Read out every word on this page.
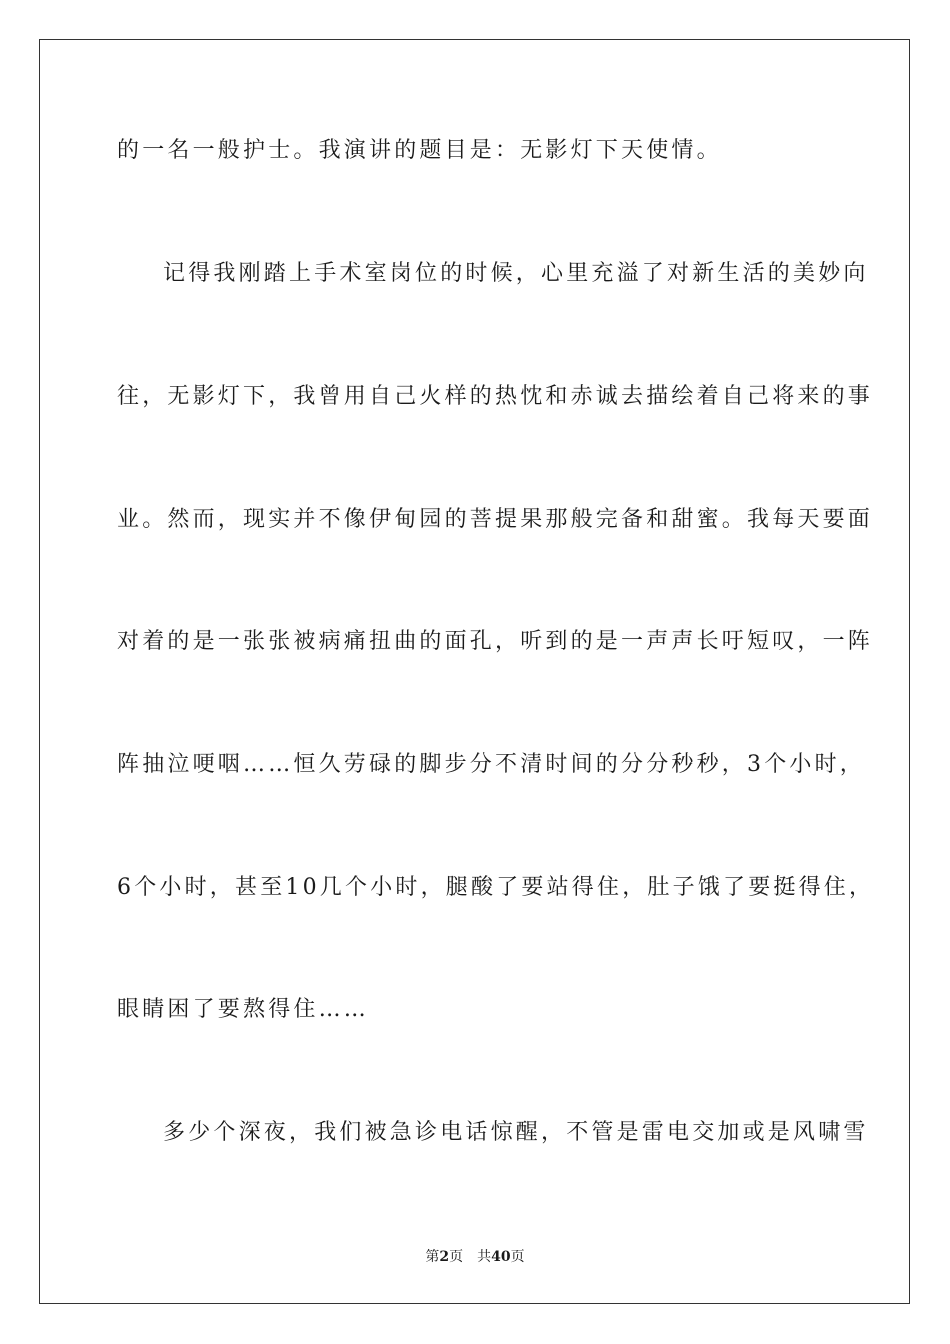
的一名一般护士。我演讲的题目是：无影灯下天使情。
记得我刚踏上手术室岗位的时候，心里充溢了对新生活的美妙向
往，无影灯下，我曾用自己火样的热忱和赤诚去描绘着自己将来的事
业。然而，现实并不像伊甸园的菩提果那般完备和甜蜜。我每天要面
对着的是一张张被病痛扭曲的面孔，听到的是一声声长吁短叹，一阵
阵抽泣哽咽……恒久劳碌的脚步分不清时间的分分秒秒，3个小时，
6个小时，甚至10几个小时，腿酸了要站得住，肚子饿了要挺得住，
眼睛困了要熬得住……
多少个深夜，我们被急诊电话惊醒，不管是雷电交加或是风啸雪
第2页 共40页
